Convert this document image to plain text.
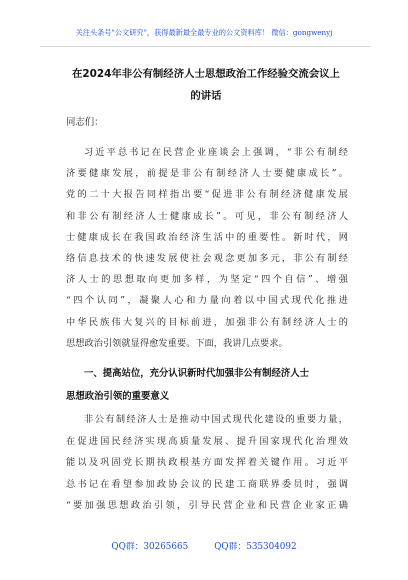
关注头条号"公文研究"，获得最新最全最专业的公文资料库！ 微信：gongwenyj
在2024年非公有制经济人士思想政治工作经验交流会议上
的讲话
同志们：
习近平总书记在民营企业座谈会上强调，“非公有制经
济要健康发展，前提是非公有制经济人士要健康成长”。
党的二十大报告同样指出要“促进非公有制经济健康发展
和非公有制经济人士健康成长”。可见，非公有制经济人
士健康成长在我国政治经济生活中的重要性。新时代，网
络信息技术的快速发展使社会观念更加多元，非公有制经
济人士的思想取向更加多样，为坚定“四个自信”、增强
“四个认同”，凝聚人心和力量向着以中国式现代化推进
中华民族伟大复兴的目标前进，加强非公有制经济人士的
思想政治引领就显得愈发重要。下面，我讲几点要求。
一、提高站位，充分认识新时代加强非公有制经济人士
思想政治引领的重要意义
非公有制经济人士是推动中国式现代化建设的重要力量，
在促进国民经济实现高质量发展、提升国家现代化治理效
能以及巩固党长期执政根基方面发挥着关键作用。习近平
总书记在看望参加政协会议的民建工商联界委员时，强调
“要加强思想政治引领，引导民营企业和民营企业家正确
QQ群：30265665	QQ群：535304092
